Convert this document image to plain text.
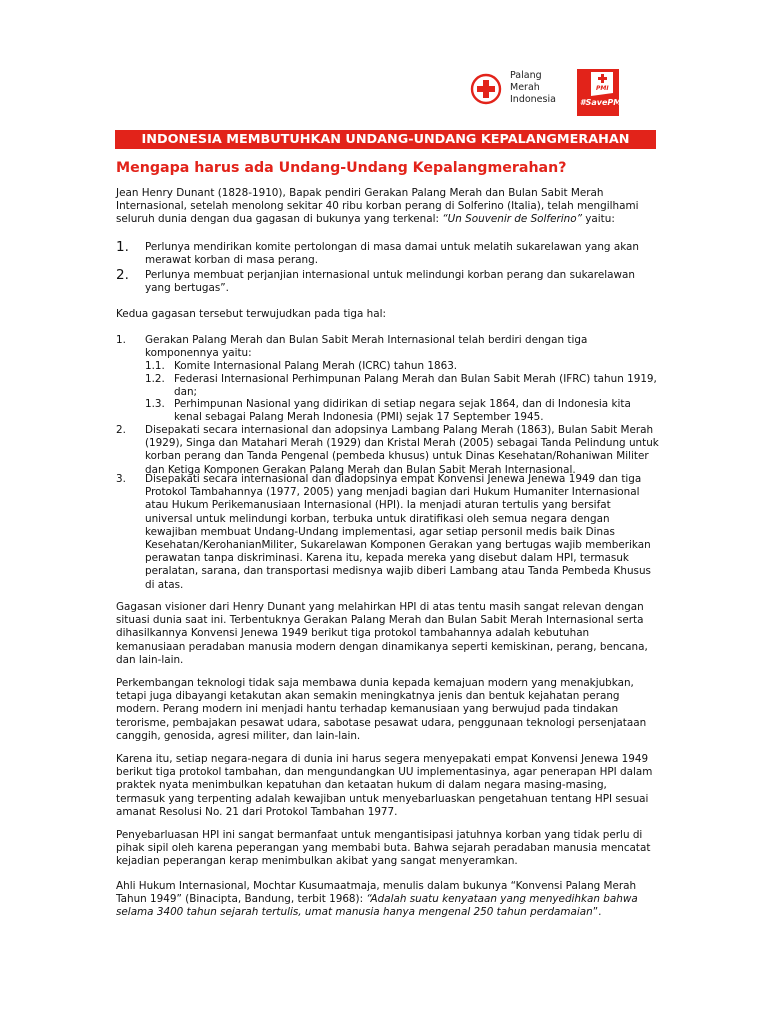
Palang
Merah
Indonesia
PMI
#SavePMI
INDONESIA MEMBUTUHKAN UNDANG-UNDANG KEPALANGMERAHAN
Mengapa harus ada Undang-Undang Kepalangmerahan?

Jean Henry Dunant (1828-1910), Bapak pendiri Gerakan Palang Merah dan Bulan Sabit Merah Internasional, setelah menolong sekitar 40 ribu korban perang di Solferino (Italia), telah mengilhami seluruh dunia dengan dua gagasan di bukunya yang terkenal: “Un Souvenir de Solferino” yaitu:

1. Perlunya mendirikan komite pertolongan di masa damai untuk melatih sukarelawan yang akan merawat korban di masa perang.

2. Perlunya membuat perjanjian internasional untuk melindungi korban perang dan sukarelawan yang bertugas”.

Kedua gagasan tersebut terwujudkan pada tiga hal:

1. Gerakan Palang Merah dan Bulan Sabit Merah Internasional telah berdiri dengan tiga komponennya yaitu:

1.1. Komite Internasional Palang Merah (ICRC) tahun 1863.

1.2. Federasi Internasional Perhimpunan Palang Merah dan Bulan Sabit Merah (IFRC) tahun 1919, dan;

1.3. Perhimpunan Nasional yang didirikan di setiap negara sejak 1864, dan di Indonesia kita kenal sebagai Palang Merah Indonesia (PMI) sejak 17 September 1945.

2. Disepakati secara internasional dan adopsinya Lambang Palang Merah (1863), Bulan Sabit Merah (1929), Singa dan Matahari Merah (1929) dan Kristal Merah (2005) sebagai Tanda Pelindung untuk korban perang dan Tanda Pengenal (pembeda khusus) untuk Dinas Kesehatan/Rohaniwan Militer dan Ketiga Komponen Gerakan Palang Merah dan Bulan Sabit Merah Internasional.

3. Disepakati secara internasional dan diadopsinya empat Konvensi Jenewa Jenewa 1949 dan tiga Protokol Tambahannya (1977, 2005) yang menjadi bagian dari Hukum Humaniter Internasional atau Hukum Perikemanusiaan Internasional (HPI). Ia menjadi aturan tertulis yang bersifat universal untuk melindungi korban, terbuka untuk diratifikasi oleh semua negara dengan kewajiban membuat Undang-Undang implementasi, agar setiap personil medis baik Dinas Kesehatan/KerohanianMiliter, Sukarelawan Komponen Gerakan yang bertugas wajib memberikan perawatan tanpa diskriminasi. Karena itu, kepada mereka yang disebut dalam HPI, termasuk peralatan, sarana, dan transportasi medisnya wajib diberi Lambang atau Tanda Pembeda Khusus di atas.

Gagasan visioner dari Henry Dunant yang melahirkan HPI di atas tentu masih sangat relevan dengan situasi dunia saat ini. Terbentuknya Gerakan Palang Merah dan Bulan Sabit Merah Internasional serta dihasilkannya Konvensi Jenewa 1949 berikut tiga protokol tambahannya adalah kebutuhan kemanusiaan peradaban manusia modern dengan dinamikanya seperti kemiskinan, perang, bencana, dan lain-lain.

Perkembangan teknologi tidak saja membawa dunia kepada kemajuan modern yang menakjubkan, tetapi juga dibayangi ketakutan akan semakin meningkatnya jenis dan bentuk kejahatan perang modern. Perang modern ini menjadi hantu terhadap kemanusiaan yang berwujud pada tindakan terorisme, pembajakan pesawat udara, sabotase pesawat udara, penggunaan teknologi persenjataan canggih, genosida, agresi militer, dan lain-lain.

Karena itu, setiap negara-negara di dunia ini harus segera menyepakati empat Konvensi Jenewa 1949 berikut tiga protokol tambahan, dan mengundangkan UU implementasinya, agar penerapan HPI dalam praktek nyata menimbulkan kepatuhan dan ketaatan hukum di dalam negara masing-masing, termasuk yang terpenting adalah kewajiban untuk menyebarluaskan pengetahuan tentang HPI sesuai amanat Resolusi No. 21 dari Protokol Tambahan 1977.

Penyebarluasan HPI ini sangat bermanfaat untuk mengantisipasi jatuhnya korban yang tidak perlu di pihak sipil oleh karena peperangan yang membabi buta. Bahwa sejarah peradaban manusia mencatat kejadian peperangan kerap menimbulkan akibat yang sangat menyeramkan.

Ahli Hukum Internasional, Mochtar Kusumaatmaja, menulis dalam bukunya “Konvensi Palang Merah Tahun 1949” (Binacipta, Bandung, terbit 1968): “Adalah suatu kenyataan yang menyedihkan bahwa selama 3400 tahun sejarah tertulis, umat manusia hanya mengenal 250 tahun perdamaian”.
